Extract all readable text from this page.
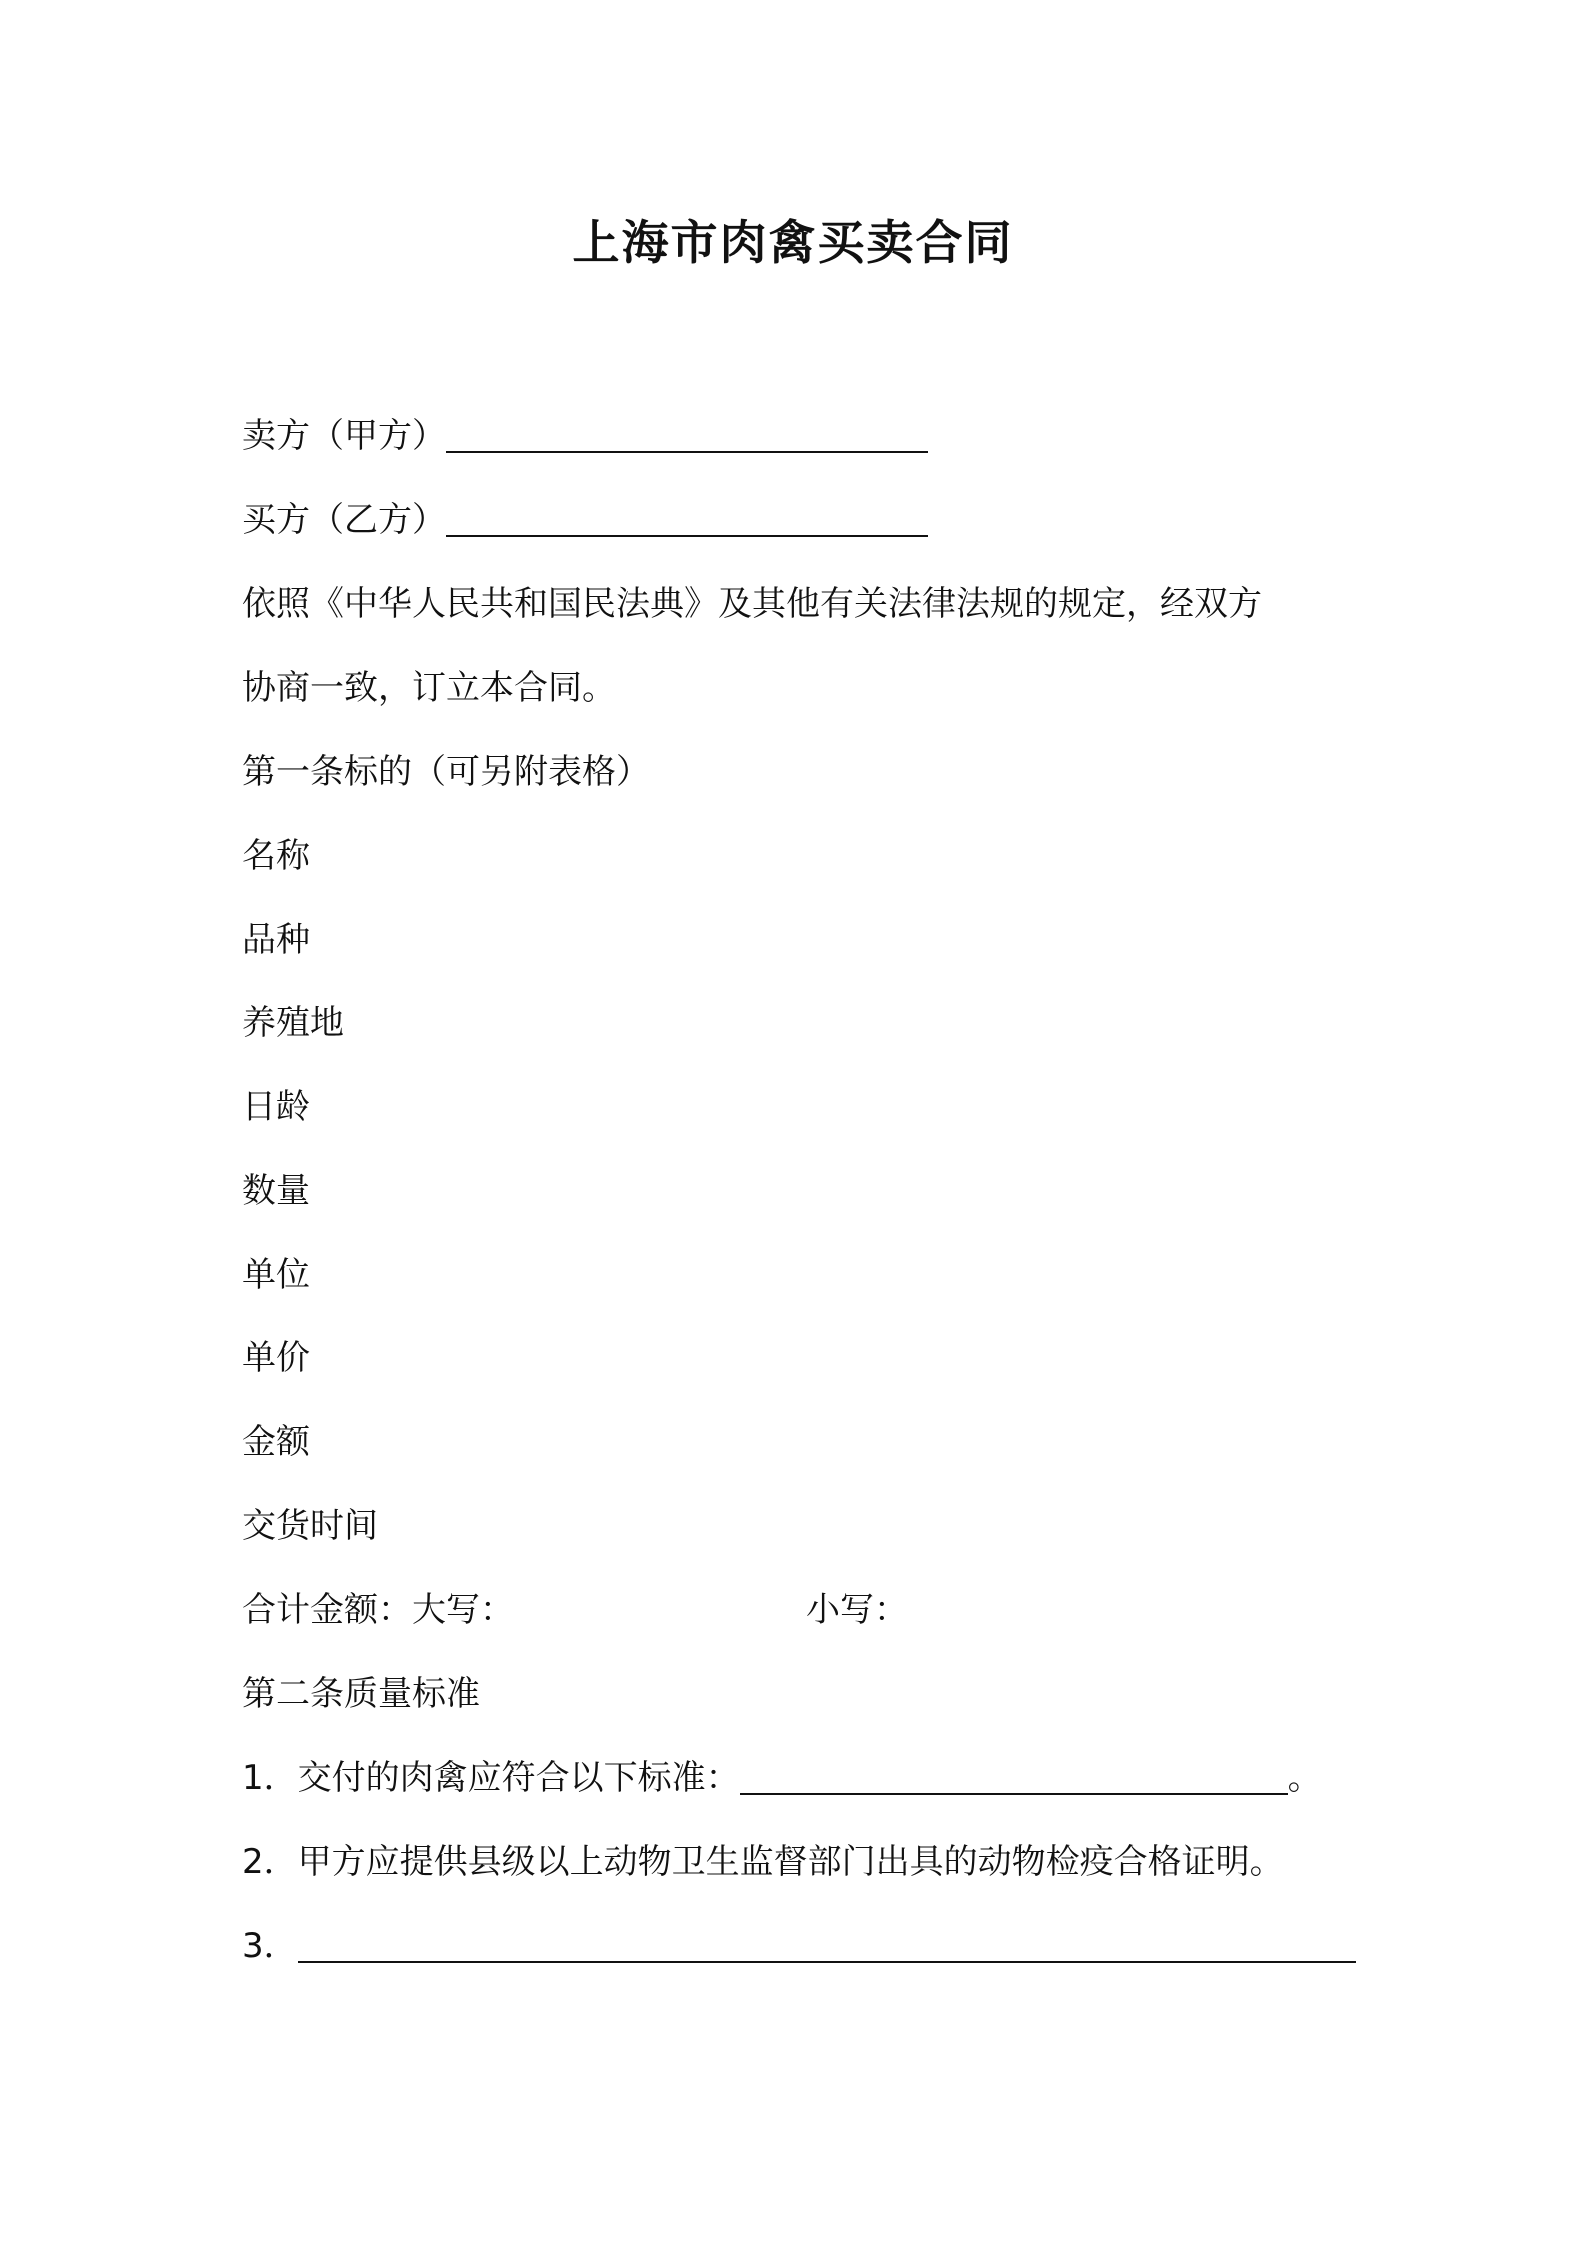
上海市肉禽买卖合同
卖方（甲方）
买方（乙方）
依照《中华人民共和国民法典》及其他有关法律法规的规定，经双方
协商一致，订立本合同。
第一条标的（可另附表格）
名称
品种
养殖地
日龄
数量
单位
单价
金额
交货时间
合计金额：大写：	小写：
第二条质量标准
1．交付的肉禽应符合以下标准：	。
2．甲方应提供县级以上动物卫生监督部门出具的动物检疫合格证明。
3．
